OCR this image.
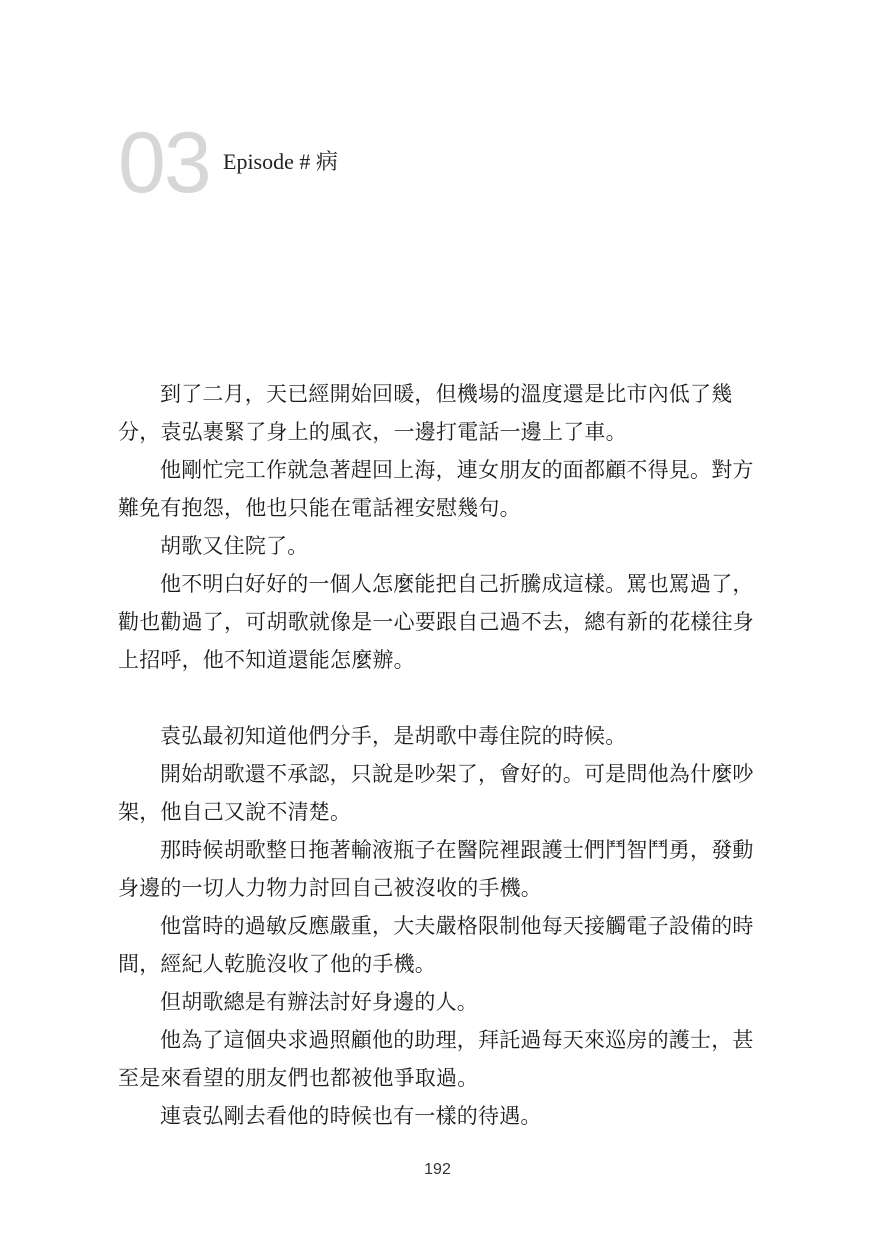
03 Episode # 病

到了二月，天已經開始回暖，但機場的溫度還是比市內低了幾
分，袁弘裹緊了身上的風衣，一邊打電話一邊上了車。

他剛忙完工作就急著趕回上海，連女朋友的面都顧不得見。對方
難免有抱怨，他也只能在電話裡安慰幾句。

胡歌又住院了。

他不明白好好的一個人怎麼能把自己折騰成這樣。罵也罵過了，
勸也勸過了，可胡歌就像是一心要跟自己過不去，總有新的花樣往身
上招呼，他不知道還能怎麼辦。

袁弘最初知道他們分手，是胡歌中毒住院的時候。

開始胡歌還不承認，只說是吵架了，會好的。可是問他為什麼吵
架，他自己又說不清楚。

那時候胡歌整日拖著輸液瓶子在醫院裡跟護士們鬥智鬥勇，發動
身邊的一切人力物力討回自己被沒收的手機。

他當時的過敏反應嚴重，大夫嚴格限制他每天接觸電子設備的時
間，經紀人乾脆沒收了他的手機。

但胡歌總是有辦法討好身邊的人。

他為了這個央求過照顧他的助理，拜託過每天來巡房的護士，甚
至是來看望的朋友們也都被他爭取過。

連袁弘剛去看他的時候也有一樣的待遇。

192
